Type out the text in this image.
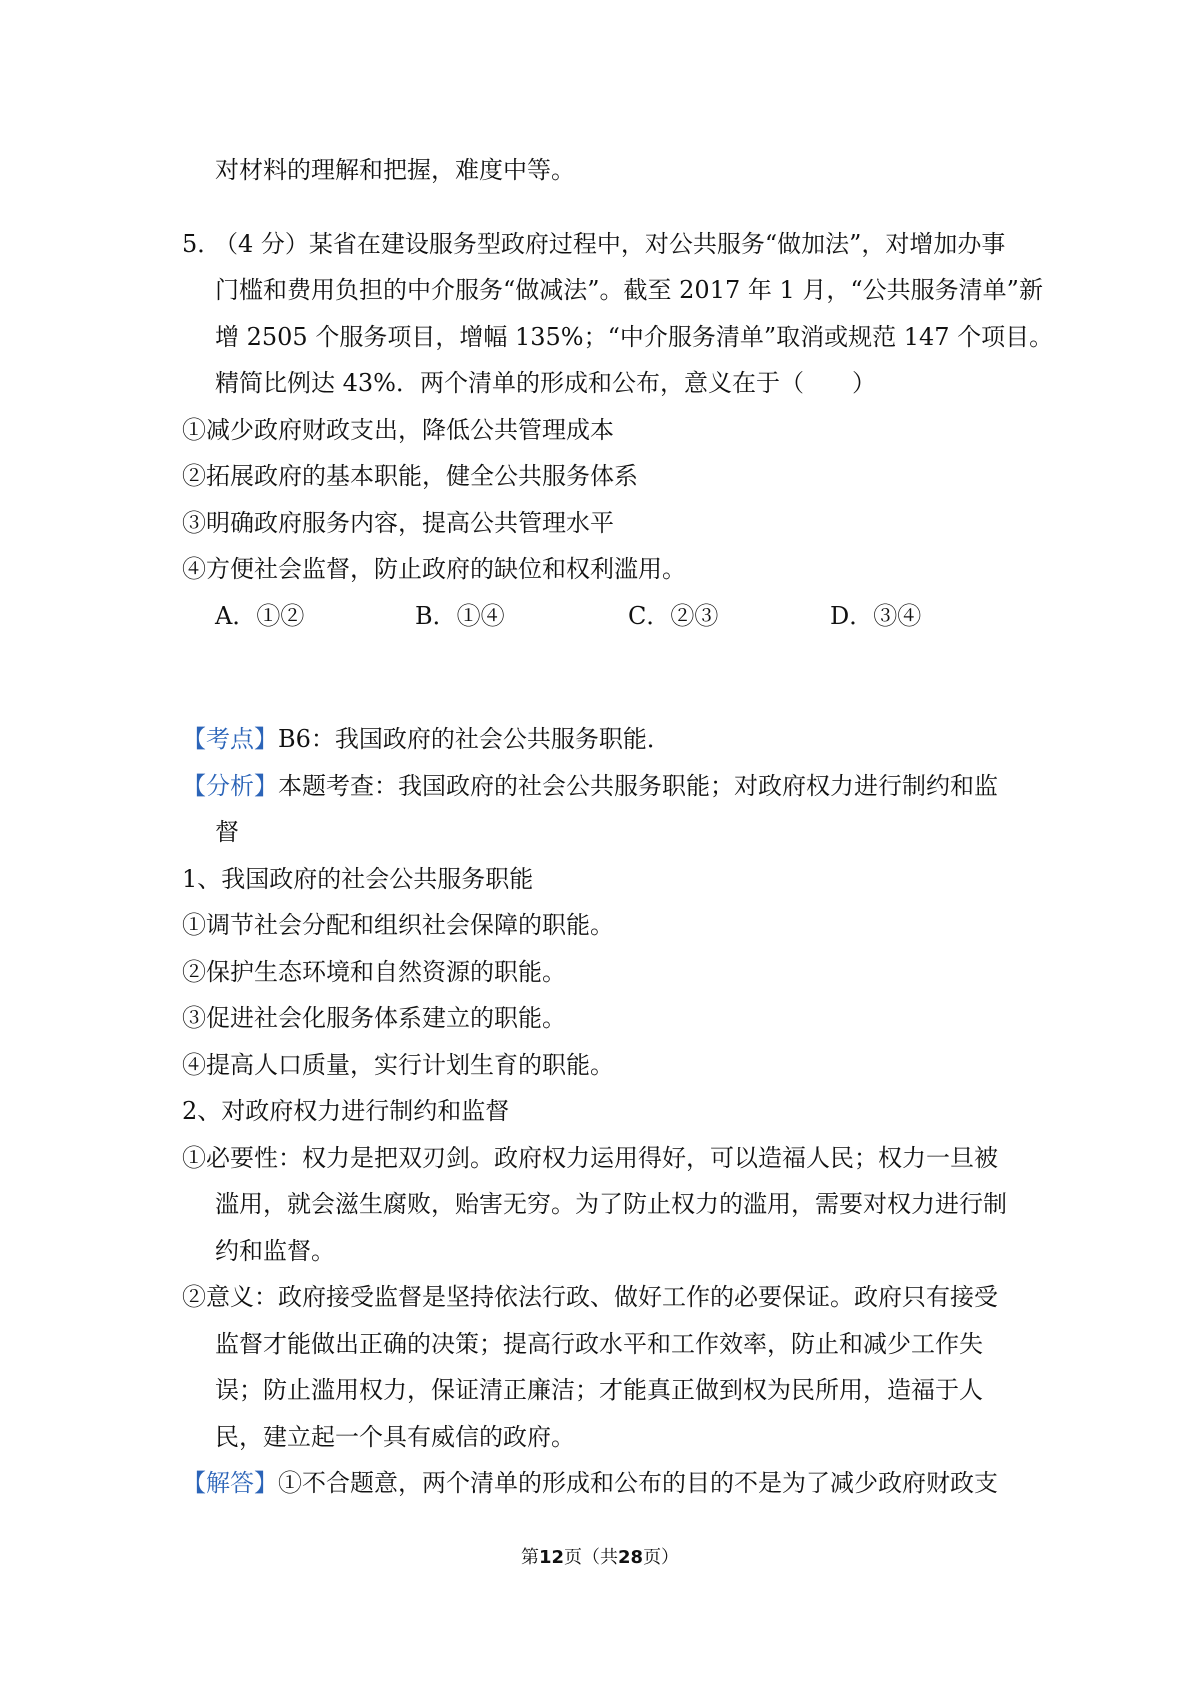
对材料的理解和把握，难度中等。
5．
（4 分）某省在建设服务型政府过程中，对公共服务“做加法”，对增加办事
门槛和费用负担的中介服务“做减法”。截至 2017 年 1 月，“公共服务清单”新
增 2505 个服务项目，增幅 135%；“中介服务清单”取消或规范 147 个项目。
精简比例达 43%．两个清单的形成和公布，意义在于（　　）
①减少政府财政支出，降低公共管理成本
②拓展政府的基本职能，健全公共服务体系
③明确政府服务内容，提高公共管理水平
④方便社会监督，防止政府的缺位和权利滥用。
A．①②	B．①④	C．②③	D．③④
【考点】B6：我国政府的社会公共服务职能．
【分析】本题考查：我国政府的社会公共服务职能；对政府权力进行制约和监
督
1、我国政府的社会公共服务职能
①调节社会分配和组织社会保障的职能。
②保护生态环境和自然资源的职能。
③促进社会化服务体系建立的职能。
④提高人口质量，实行计划生育的职能。
2、对政府权力进行制约和监督
①必要性：权力是把双刃剑。政府权力运用得好，可以造福人民；权力一旦被
滥用，就会滋生腐败，贻害无穷。为了防止权力的滥用，需要对权力进行制
约和监督。
②意义：政府接受监督是坚持依法行政、做好工作的必要保证。政府只有接受
监督才能做出正确的决策；提高行政水平和工作效率，防止和减少工作失
误；防止滥用权力，保证清正廉洁；才能真正做到权为民所用，造福于人
民，建立起一个具有威信的政府。
【解答】①不合题意，两个清单的形成和公布的目的不是为了减少政府财政支
第12页（共28页）
